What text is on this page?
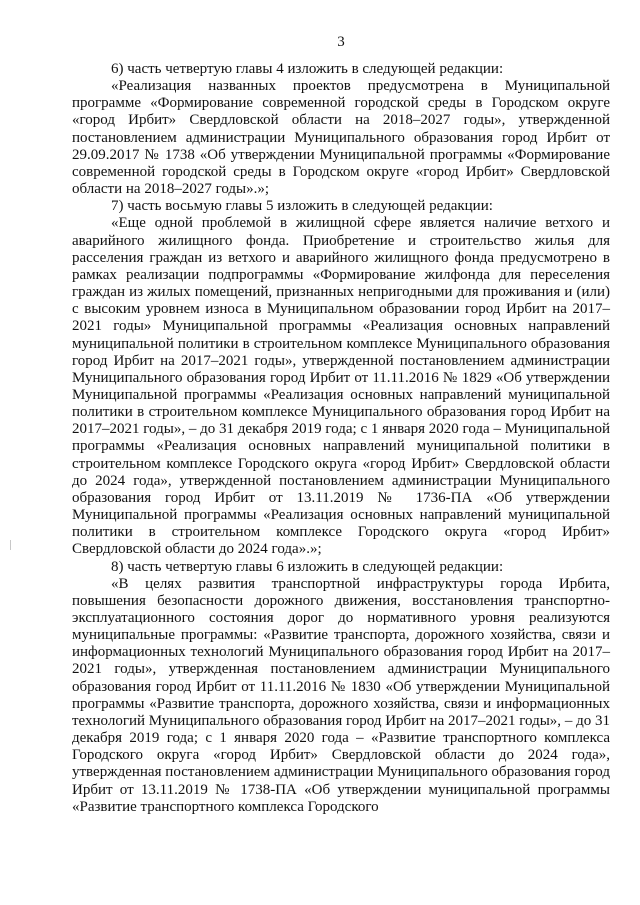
3

6) часть четвертую главы 4 изложить в следующей редакции:

«Реализация названных проектов предусмотрена в Муниципальной программе «Формирование современной городской среды в Городском округе «город Ирбит» Свердловской области на 2018–2027 годы», утвержденной постановлением администрации Муниципального образования город Ирбит от 29.09.2017 № 1738 «Об утверждении Муниципальной программы «Формирование современной городской среды в Городском округе «город Ирбит» Свердловской области на 2018–2027 годы».»;

7) часть восьмую главы 5 изложить в следующей редакции:

«Еще одной проблемой в жилищной сфере является наличие ветхого и аварийного жилищного фонда. Приобретение и строительство жилья для расселения граждан из ветхого и аварийного жилищного фонда предусмотрено в рамках реализации подпрограммы «Формирование жилфонда для переселения граждан из жилых помещений, признанных непригодными для проживания и (или) с высоким уровнем износа в Муниципальном образовании город Ирбит на 2017–2021 годы» Муниципальной программы «Реализация основных направлений муниципальной политики в строительном комплексе Муниципального образования город Ирбит на 2017–2021 годы», утвержденной постановлением администрации Муниципального образования город Ирбит от 11.11.2016 № 1829 «Об утверждении Муниципальной программы «Реализация основных направлений муниципальной политики в строительном комплексе Муниципального образования город Ирбит на 2017–2021 годы», – до 31 декабря 2019 года; с 1 января 2020 года – Муниципальной программы «Реализация основных направлений муниципальной политики в строительном комплексе Городского округа «город Ирбит» Свердловской области до 2024 года», утвержденной постановлением администрации Муниципального образования город Ирбит от 13.11.2019 № 1736-ПА «Об утверждении Муниципальной программы «Реализация основных направлений муниципальной политики в строительном комплексе Городского округа «город Ирбит» Свердловской области до 2024 года».»;

8) часть четвертую главы 6 изложить в следующей редакции:

«В целях развития транспортной инфраструктуры города Ирбита, повышения безопасности дорожного движения, восстановления транспортно-эксплуатационного состояния дорог до нормативного уровня реализуются муниципальные программы: «Развитие транспорта, дорожного хозяйства, связи и информационных технологий Муниципального образования город Ирбит на 2017–2021 годы», утвержденная постановлением администрации Муниципального образования город Ирбит от 11.11.2016 № 1830 «Об утверждении Муниципальной программы «Развитие транспорта, дорожного хозяйства, связи и информационных технологий Муниципального образования город Ирбит на 2017–2021 годы», – до 31 декабря 2019 года; с 1 января 2020 года – «Развитие транспортного комплекса Городского округа «город Ирбит» Свердловской области до 2024 года», утвержденная постановлением администрации Муниципального образования город Ирбит от 13.11.2019 № 1738-ПА «Об утверждении муниципальной программы «Развитие транспортного комплекса Городского
